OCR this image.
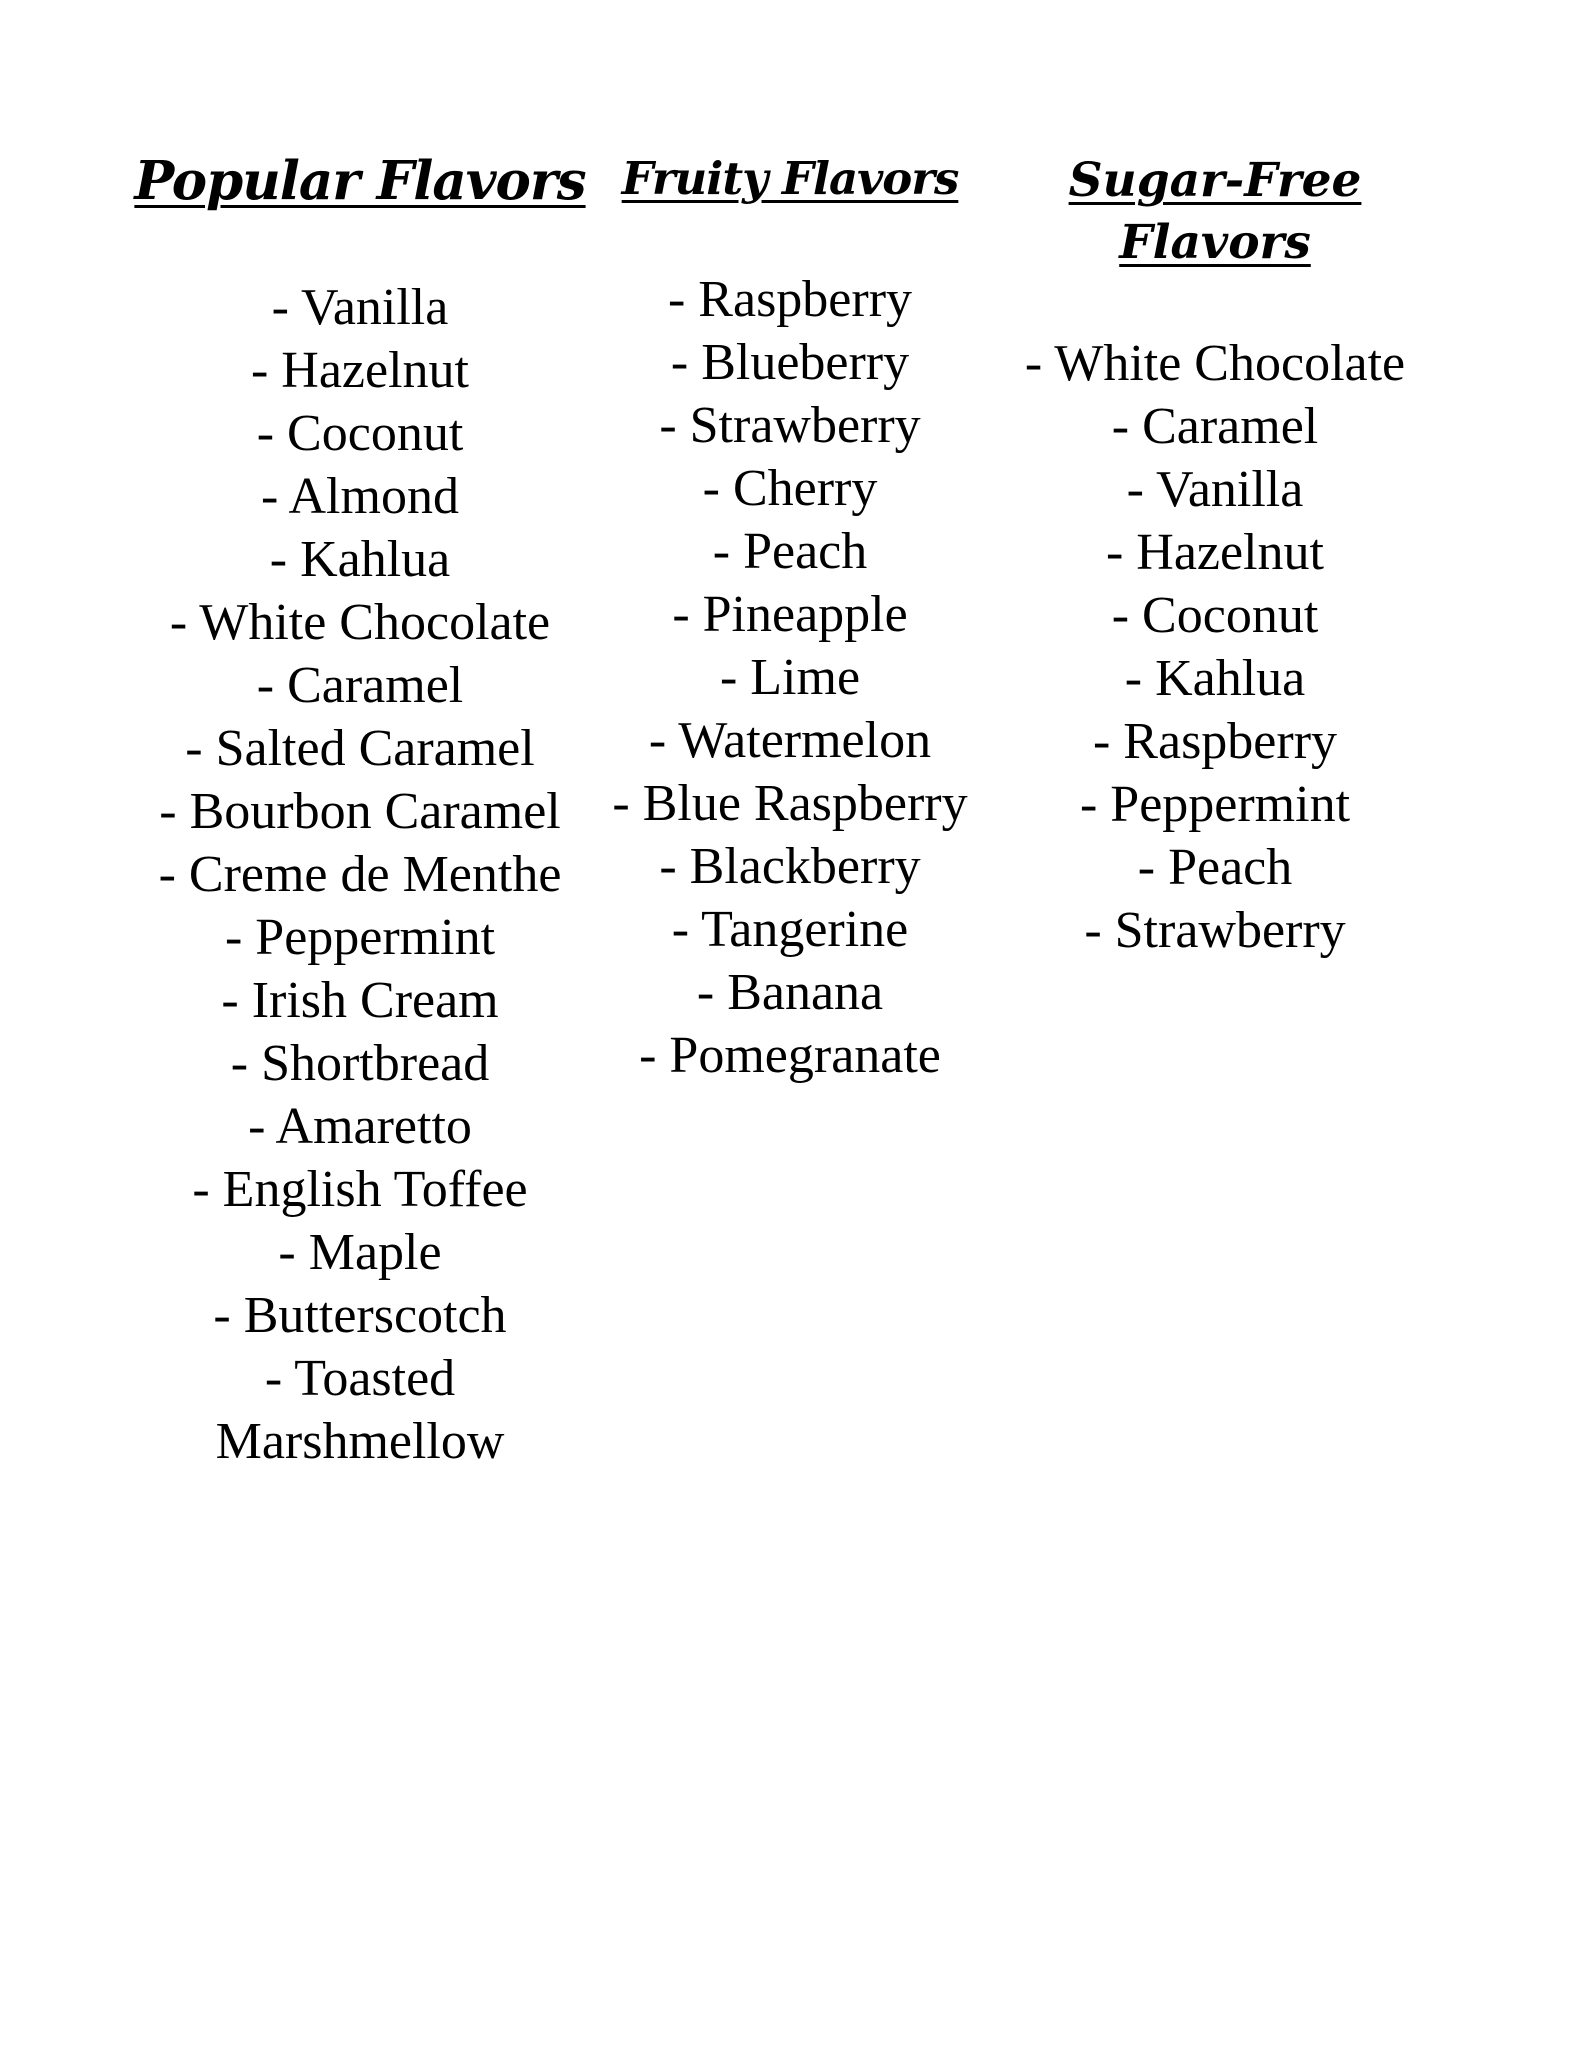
Popular Flavors
- Vanilla
- Hazelnut
- Coconut
- Almond
- Kahlua
- White Chocolate
- Caramel
- Salted Caramel
- Bourbon Caramel
- Creme de Menthe
- Peppermint
- Irish Cream
- Shortbread
- Amaretto
- English Toffee
- Maple
- Butterscotch
- Toasted Marshmellow
Fruity Flavors
- Raspberry
- Blueberry
- Strawberry
- Cherry
- Peach
- Pineapple
- Lime
- Watermelon
- Blue Raspberry
- Blackberry
- Tangerine
- Banana
- Pomegranate
Sugar-Free Flavors
- White Chocolate
- Caramel
- Vanilla
- Hazelnut
- Coconut
- Kahlua
- Raspberry
- Peppermint
- Peach
- Strawberry
